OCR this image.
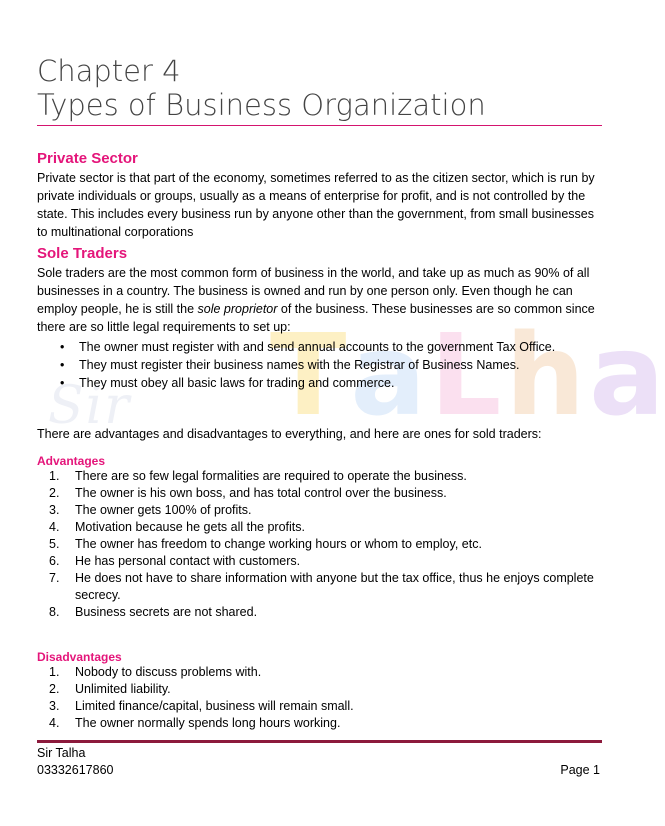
Sir T a L h a
Chapter 4
Types of Business Organization
Private Sector

Private sector is that part of the economy, sometimes referred to as the citizen sector, which is run by private individuals or groups, usually as a means of enterprise for profit, and is not controlled by the state. This includes every business run by anyone other than the government, from small businesses to multinational corporations

Sole Traders

Sole traders are the most common form of business in the world, and take up as much as 90% of all businesses in a country. The business is owned and run by one person only. Even though he can employ people, he is still the sole proprietor of the business. These businesses are so common since there are so little legal requirements to set up:

• The owner must register with and send annual accounts to the government Tax Office.
• They must register their business names with the Registrar of Business Names.
• They must obey all basic laws for trading and commerce.

There are advantages and disadvantages to everything, and here are ones for sold traders:

Advantages
1. There are so few legal formalities are required to operate the business.
2. The owner is his own boss, and has total control over the business.
3. The owner gets 100% of profits.
4. Motivation because he gets all the profits.
5. The owner has freedom to change working hours or whom to employ, etc.
6. He has personal contact with customers.
7. He does not have to share information with anyone but the tax office, thus he enjoys complete secrecy.
8. Business secrets are not shared.
Disadvantages
1. Nobody to discuss problems with.
2. Unlimited liability.
3. Limited finance/capital, business will remain small.
4. The owner normally spends long hours working.
Sir Talha
03332617860	Page 1
